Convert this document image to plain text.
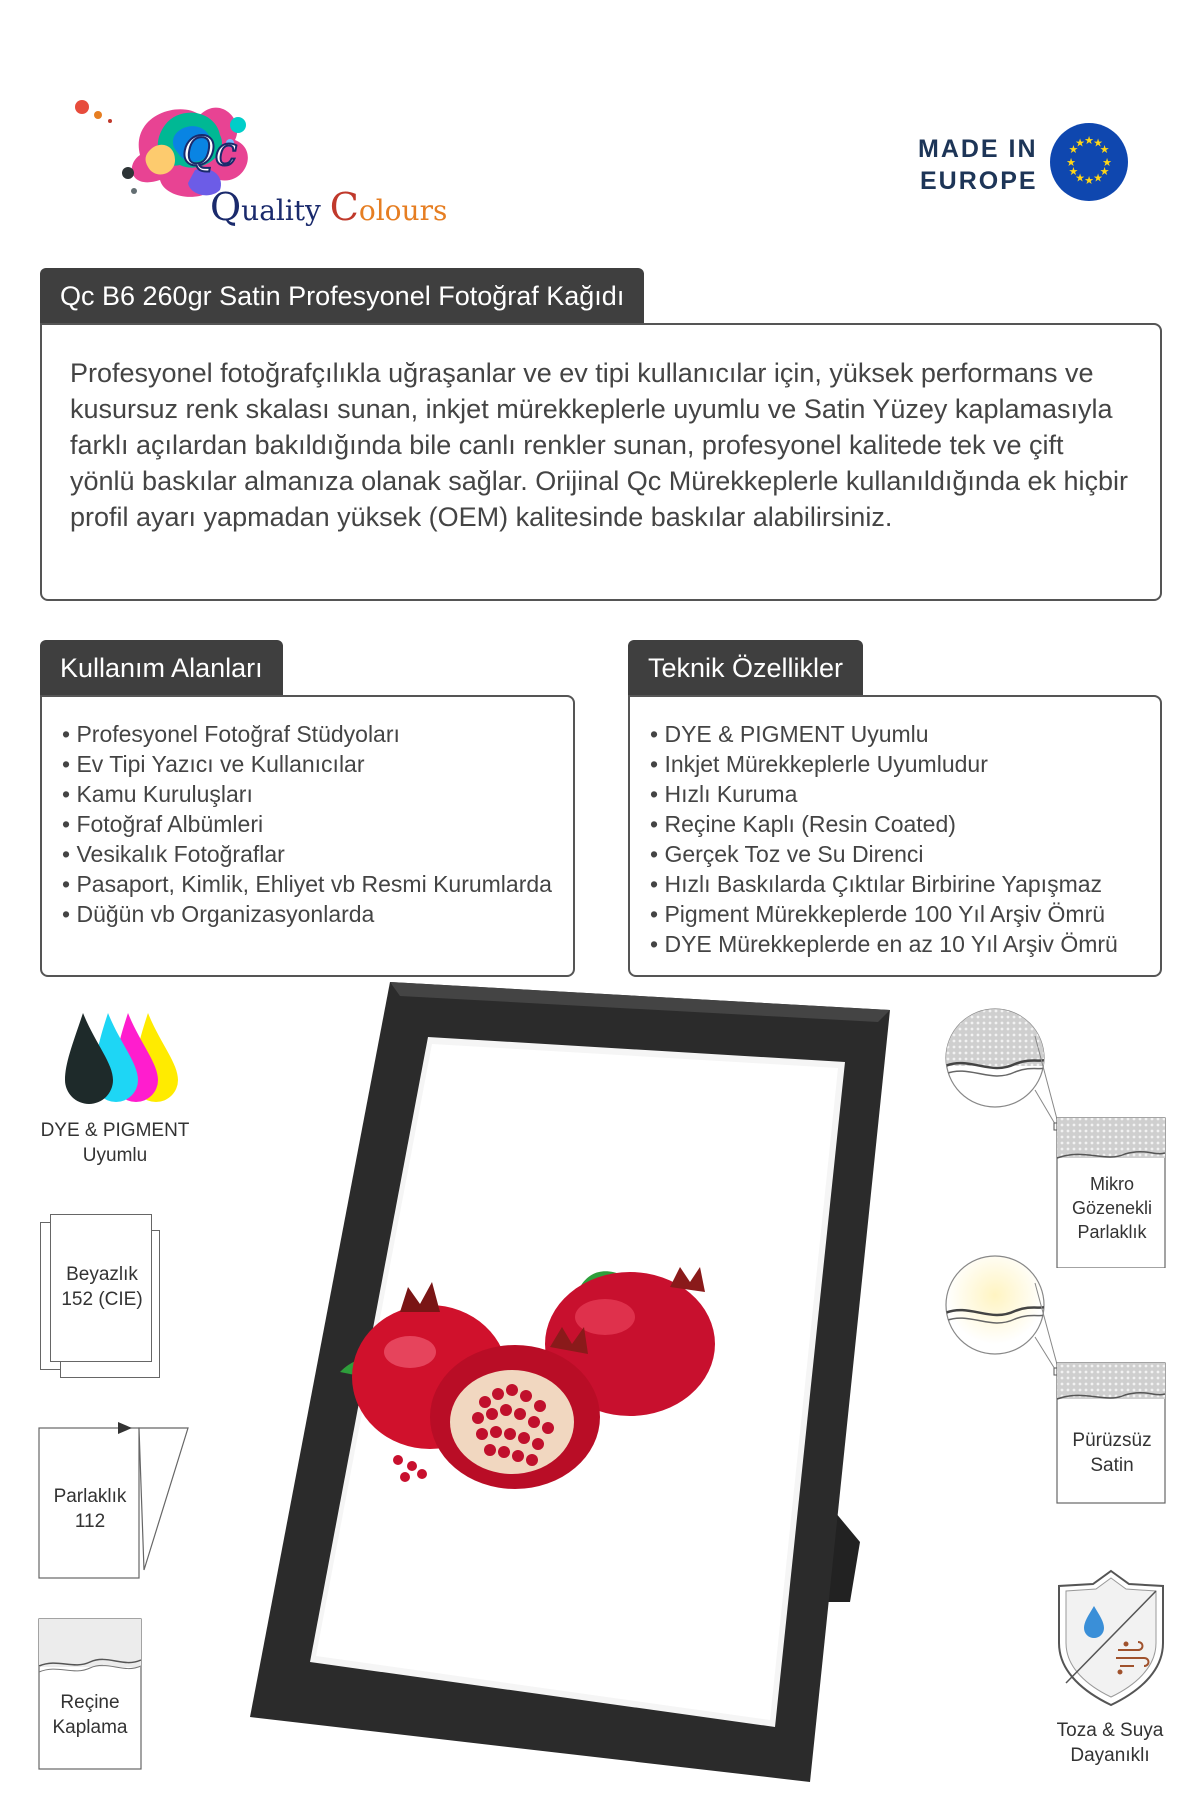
Qc
Quality Colours
MADE IN
EUROPE
★ ★
★
★
★
★
★
★
★
★
★
★
Qc B6 260gr Satin Profesyonel Fotoğraf Kağıdı
Profesyonel fotoğrafçılıkla uğraşanlar ve ev tipi kullanıcılar için, yüksek performans ve kusursuz renk skalası sunan, inkjet mürekkeplerle uyumlu ve Satin Yüzey kaplamasıyla farklı açılardan bakıldığında bile canlı renkler sunan, profesyonel kalitede tek ve çift yönlü baskılar almanıza olanak sağlar. Orijinal Qc Mürekkeplerle kullanıldığında ek hiçbir profil ayarı yapmadan yüksek (OEM) kalitesinde baskılar alabilirsiniz.
Kullanım Alanları
• Profesyonel Fotoğraf Stüdyoları
• Ev Tipi Yazıcı ve Kullanıcılar
• Kamu Kuruluşları
• Fotoğraf Albümleri
• Vesikalık Fotoğraflar
• Pasaport, Kimlik, Ehliyet vb Resmi Kurumlarda
• Düğün vb Organizasyonlarda
Teknik Özellikler
• DYE & PIGMENT Uyumlu
• Inkjet Mürekkeplerle Uyumludur
• Hızlı Kuruma
• Reçine Kaplı (Resin Coated)
• Gerçek Toz ve Su Direnci
• Hızlı Baskılarda Çıktılar Birbirine Yapışmaz
• Pigment Mürekkeplerde 100 Yıl Arşiv Ömrü
• DYE Mürekkeplerde en az 10 Yıl Arşiv Ömrü
DYE & PIGMENT
Uyumlu
Beyazlık
152 (CIE)
Parlaklık
112
Reçine
Kaplama
Mikro
Gözenekli
Parlaklık
Pürüzsüz
Satin
Toza & Suya
Dayanıklı
